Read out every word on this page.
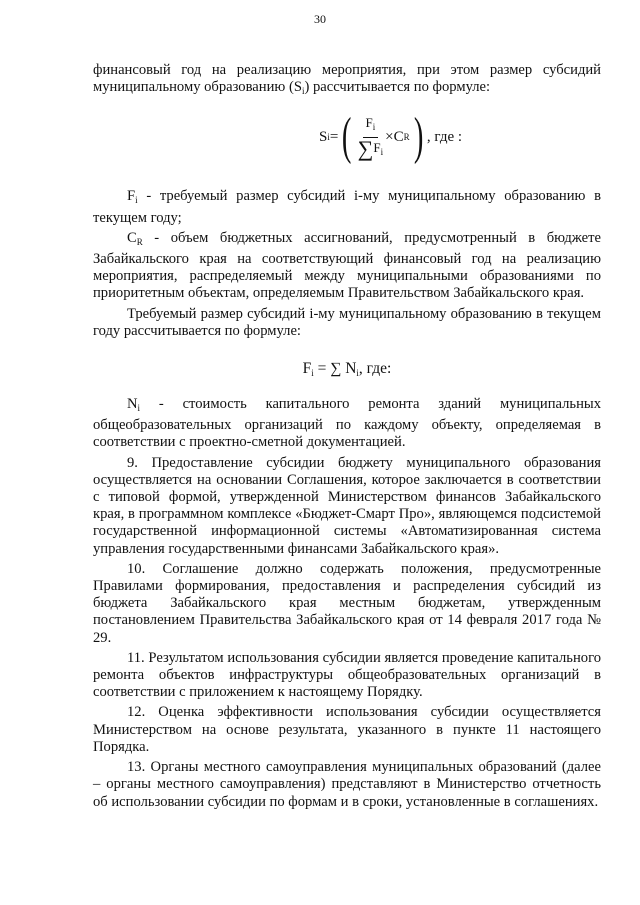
30

финансовый год на реализацию мероприятия, при этом размер субсидий муниципальному образованию $(S_i)$ рассчитывается по формуле:

S i = ( $\frac{F_i}{\sum F_i} \times C$ R ) , где :

$F_i$ - требуемый размер субсидий i-му муниципальному образованию в текущем году;

$C_R$ - объем бюджетных ассигнований, предусмотренный в бюджете Забайкальского края на соответствующий финансовый год на реализацию мероприятия, распределяемый между муниципальными образованиями по приоритетным объектам, определяемым Правительством Забайкальского края.

Требуемый размер субсидий i-му муниципальному образованию в текущем году рассчитывается по формуле:

$F_i$ = ∑ $N_i$, где:

$N_i$ - стоимость капитального ремонта зданий муниципальных общеобразовательных организаций по каждому объекту, определяемая в соответствии с проектно-сметной документацией.

9. Предоставление субсидии бюджету муниципального образования осуществляется на основании Соглашения, которое заключается в соответствии с типовой формой, утвержденной Министерством финансов Забайкальского края, в программном комплексе «Бюджет-Смарт Про», являющемся подсистемой государственной информационной системы «Автоматизированная система управления государственными финансами Забайкальского края».

10. Соглашение должно содержать положения, предусмотренные Правилами формирования, предоставления и распределения субсидий из бюджета Забайкальского края местным бюджетам, утвержденным постановлением Правительства Забайкальского края от 14 февраля 2017 года № 29.

11. Результатом использования субсидии является проведение капитального ремонта объектов инфраструктуры общеобразовательных организаций в соответствии с приложением к настоящему Порядку.

12. Оценка эффективности использования субсидии осуществляется Министерством на основе результата, указанного в пункте 11 настоящего Порядка.

13. Органы местного самоуправления муниципальных образований (далее – органы местного самоуправления) представляют в Министерство отчетность об использовании субсидии по формам и в сроки, установленные в соглашениях.
